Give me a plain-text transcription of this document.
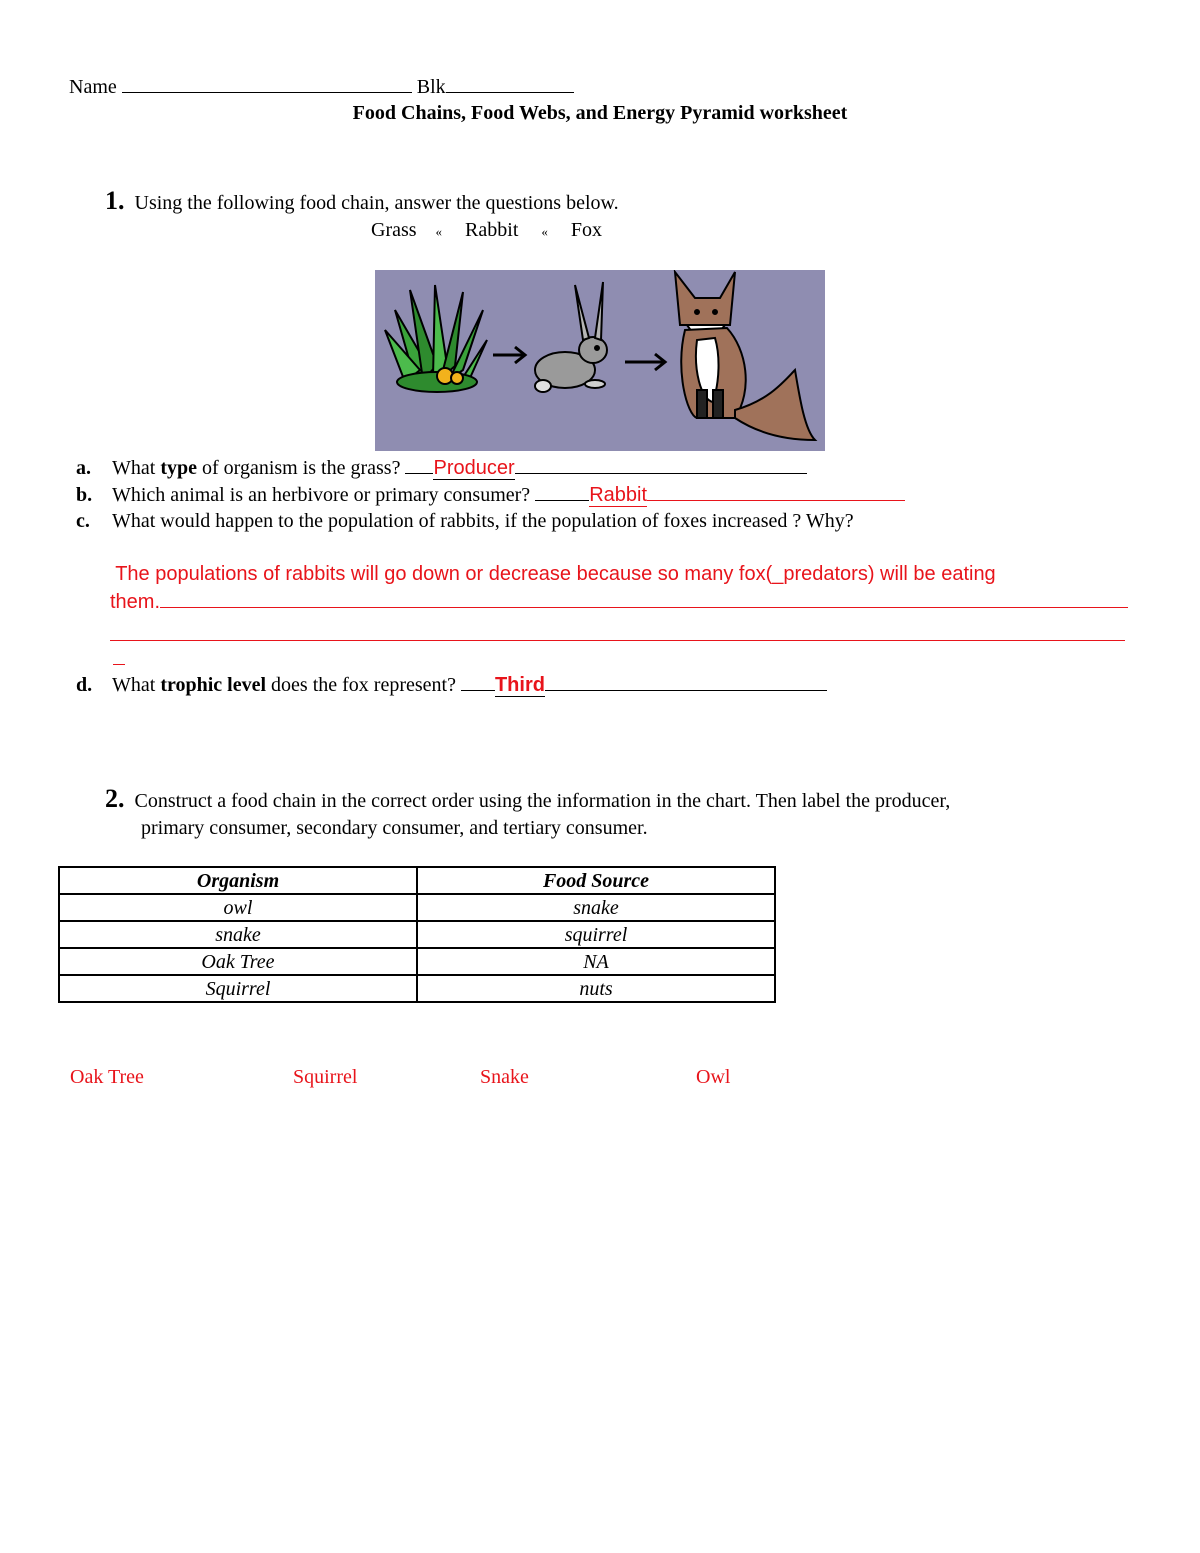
Name	Blk
Food Chains, Food Webs, and Energy Pyramid worksheet
1. Using the following food chain, answer the questions below.
Grass « Rabbit « Fox
a. What type of organism is the grass? Producer
b. Which animal is an herbivore or primary consumer?	Rabbit
c. What would happen to the population of rabbits, if the population of foxes increased ? Why?
The populations of rabbits will go down or decrease because so many fox(_predators) will be eating
them.
d. What trophic level does the fox represent? Third
2. Construct a food chain in the correct order using the information in the chart. Then label the producer,
primary consumer, secondary consumer, and tertiary consumer.
Organism	Food Source
owl	snake
snake	squirrel
Oak Tree	NA
Squirrel	nuts
Oak Tree	Squirrel	Snake	Owl
